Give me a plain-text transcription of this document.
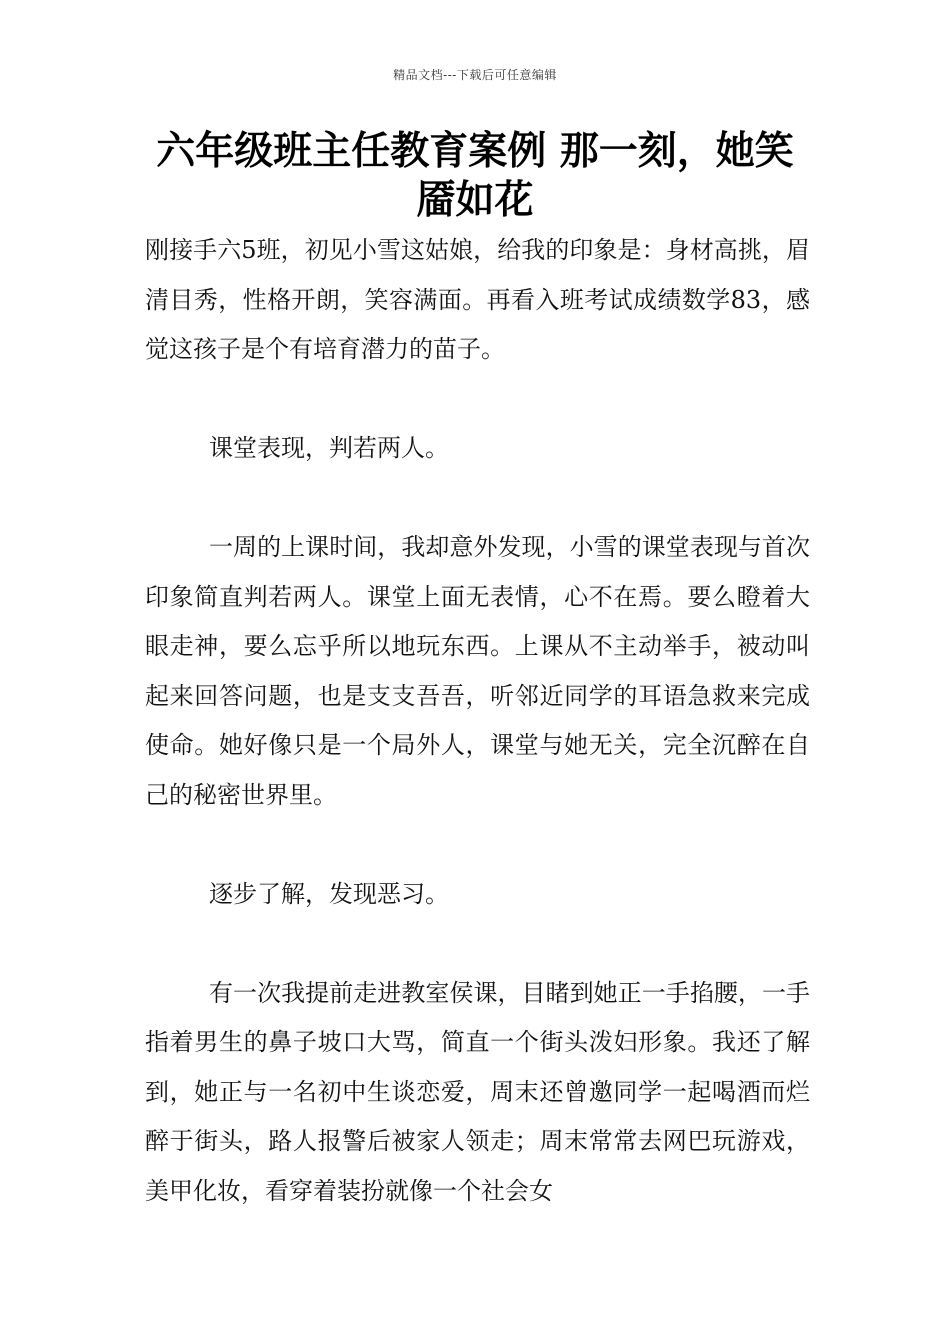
精品文档---下载后可任意编辑
六年级班主任教育案例 那一刻，她笑靥如花

刚接手六5班，初见小雪这姑娘，给我的印象是：身材高挑，眉清目秀，性格开朗，笑容满面。再看入班考试成绩数学83，感觉这孩子是个有培育潜力的苗子。

课堂表现，判若两人。

一周的上课时间，我却意外发现，小雪的课堂表现与首次印象简直判若两人。课堂上面无表情，心不在焉。要么瞪着大眼走神，要么忘乎所以地玩东西。上课从不主动举手，被动叫起来回答问题，也是支支吾吾，听邻近同学的耳语急救来完成使命。她好像只是一个局外人，课堂与她无关，完全沉醉在自己的秘密世界里。

逐步了解，发现恶习。

有一次我提前走进教室侯课，目睹到她正一手掐腰，一手指着男生的鼻子坡口大骂，简直一个街头泼妇形象。我还了解到，她正与一名初中生谈恋爱，周末还曾邀同学一起喝酒而烂醉于街头，路人报警后被家人领走；周末常常去网巴玩游戏，美甲化妆，看穿着装扮就像一个社会女
